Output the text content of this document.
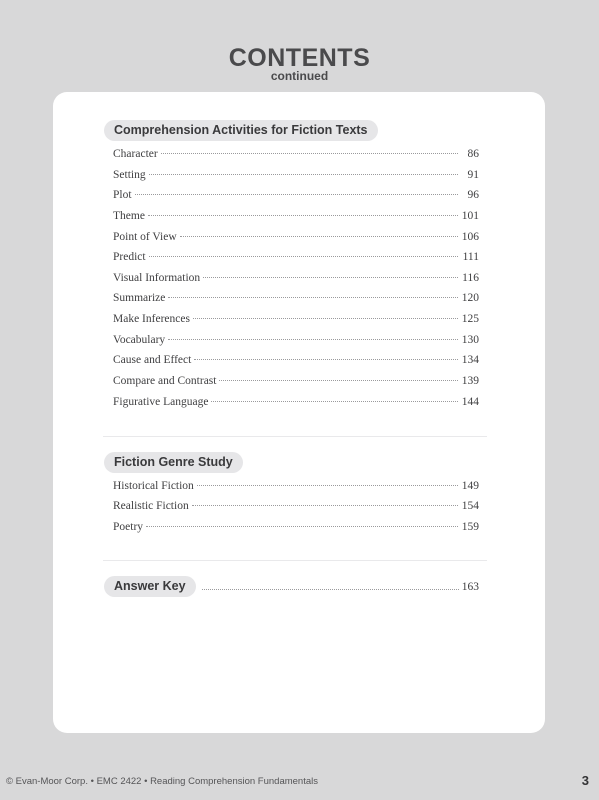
CONTENTS
continued
Comprehension Activities for Fiction Texts
Character	86
Setting	91
Plot	96
Theme	101
Point of View	106
Predict	111
Visual Information	116
Summarize	120
Make Inferences	125
Vocabulary	130
Cause and Effect	134
Compare and Contrast	139
Figurative Language	144
Fiction Genre Study
Historical Fiction	149
Realistic Fiction	154
Poetry	159
Answer Key	163
© Evan-Moor Corp. • EMC 2422 • Reading Comprehension Fundamentals	3
